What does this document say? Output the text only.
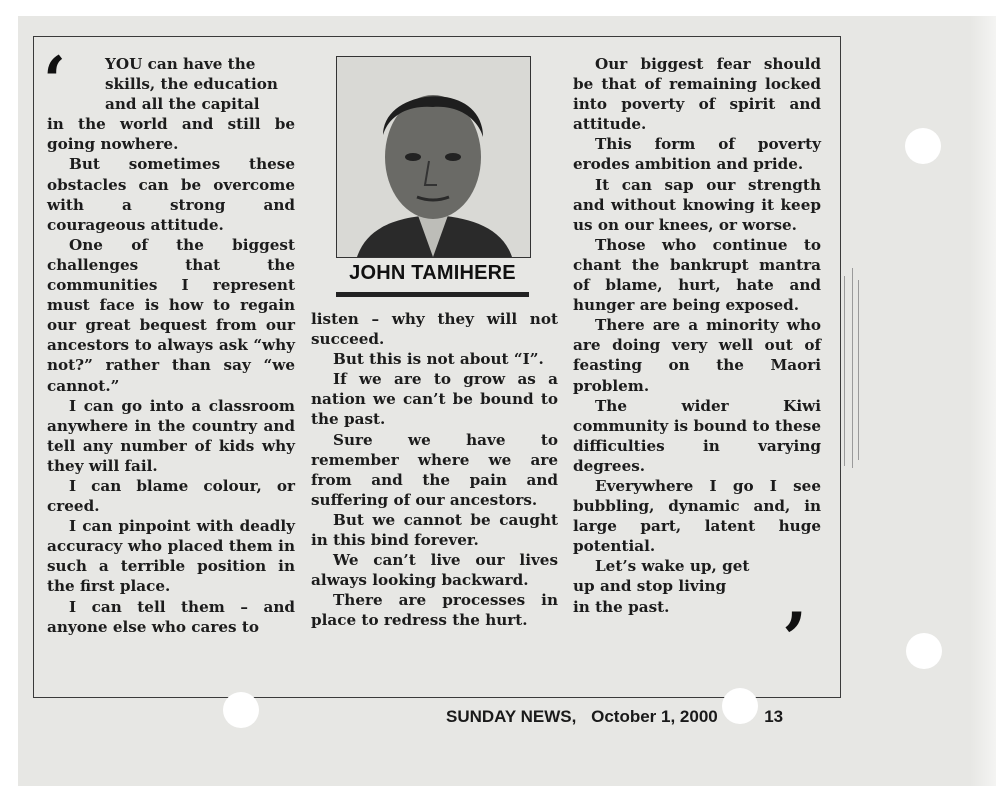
‘	YOU can have the

skills, the education

and all the capital

in the world and still be going nowhere.

But sometimes these obstacles can be overcome with a strong and courageous attitude.

One of the biggest challenges that the communities I represent must face is how to regain our great bequest from our ancestors to always ask “why not?” rather than say “we cannot.”

I can go into a classroom anywhere in the country and tell any number of kids why they will fail.

I can blame colour, or creed.

I can pinpoint with deadly accuracy who placed them in such a terrible position in the first place.

I can tell them – and anyone else who cares to

JOHN TAMIHERE

listen – why they will not succeed.

But this is not about “I”.

If we are to grow as a nation we can’t be bound to the past.

Sure we have to remember where we are from and the pain and suffering of our ancestors.

But we cannot be caught in this bind forever.

We can’t live our lives always looking backward.

There are processes in place to redress the hurt.

Our biggest fear should be that of remaining locked into poverty of spirit and attitude.

This form of poverty erodes ambition and pride.

It can sap our strength and without knowing it keep us on our knees, or worse.

Those who continue to chant the bankrupt mantra of blame, hurt, hate and hunger are being exposed.

There are a minority who are doing very well out of feasting on the Maori problem.

The wider Kiwi community is bound to these difficulties in varying degrees.

Everywhere I go I see bubbling, dynamic and, in large part, latent huge potential.

Let’s wake up, get

up and stop living

in the past.	’
SUNDAY NEWS, October 1, 2000	13
